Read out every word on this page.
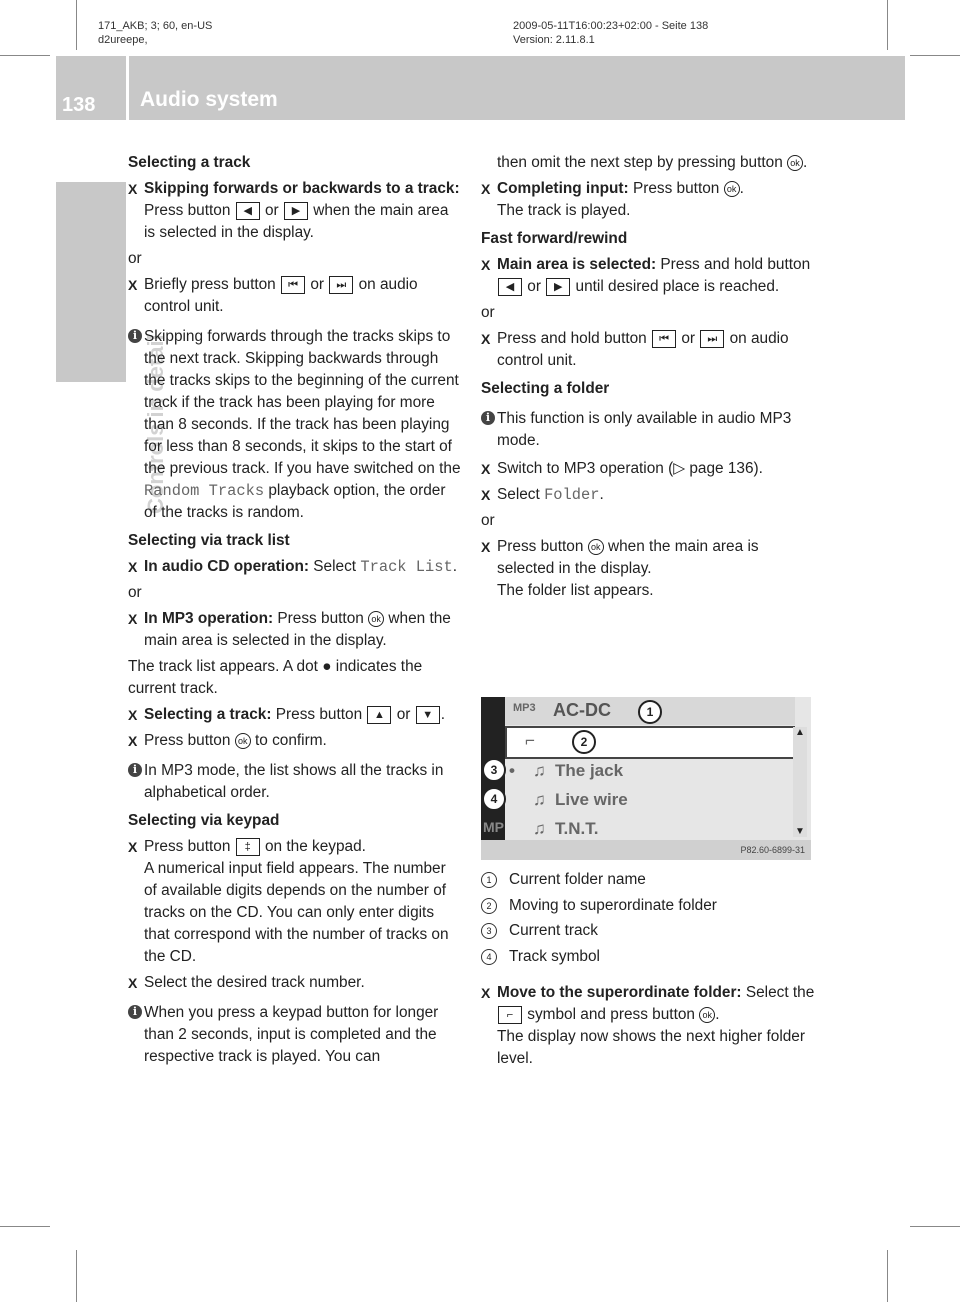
171_AKB; 3; 60, en-US
d2ureepe,
2009-05-11T16:00:23+02:00 - Seite 138
Version: 2.11.8.1
138 Audio system
Controls in detail
Selecting a track
X Skipping forwards or backwards to a track: Press button ◀ or ▶ when the main area is selected in the display.
or
X Briefly press button ⏮ or ⏭ on audio control unit.
i Skipping forwards through the tracks skips to the next track. Skipping backwards through the tracks skips to the beginning of the current track if the track has been playing for more than 8 seconds. If the track has been playing for less than 8 seconds, it skips to the start of the previous track. If you have switched on the Random Tracks playback option, the order of the tracks is random.
Selecting via track list
X In audio CD operation: Select Track List.
or
X In MP3 operation: Press button ok when the main area is selected in the display.
The track list appears. A dot ● indicates the current track.
X Selecting a track: Press button ▲ or ▼ .
X Press button ok to confirm.
i In MP3 mode, the list shows all the tracks in alphabetical order.
Selecting via keypad
X Press button ‡ on the keypad.
A numerical input field appears. The number of available digits depends on the number of tracks on the CD. You can only enter digits that correspond with the number of tracks on the CD.
X Select the desired track number.
i When you press a keypad button for longer than 2 seconds, input is completed and the respective track is played. You can
then omit the next step by pressing button ok .
X Completing input: Press button ok .
The track is played.
Fast forward/rewind
X Main area is selected: Press and hold button ◀ or ▶ until desired place is reached.
or
X Press and hold button ⏮ or ⏭ on audio control unit.
Selecting a folder
i This function is only available in audio MP3 mode.
X Switch to MP3 operation (▷ page 136).
X Select Folder.
or
X Press button ok when the main area is selected in the display.
The folder list appears.
MP3 AC-DC
⌐
• ♫ The jack
♫ Live wire
MP ♫ T.N.T.
▲
▼
P82.60-6899-31
1
2
3
4
1 Current folder name
2 Moving to superordinate folder
3 Current track
4 Track symbol
X Move to the superordinate folder: Select the ⌐ symbol and press button ok .
The display now shows the next higher folder level.
